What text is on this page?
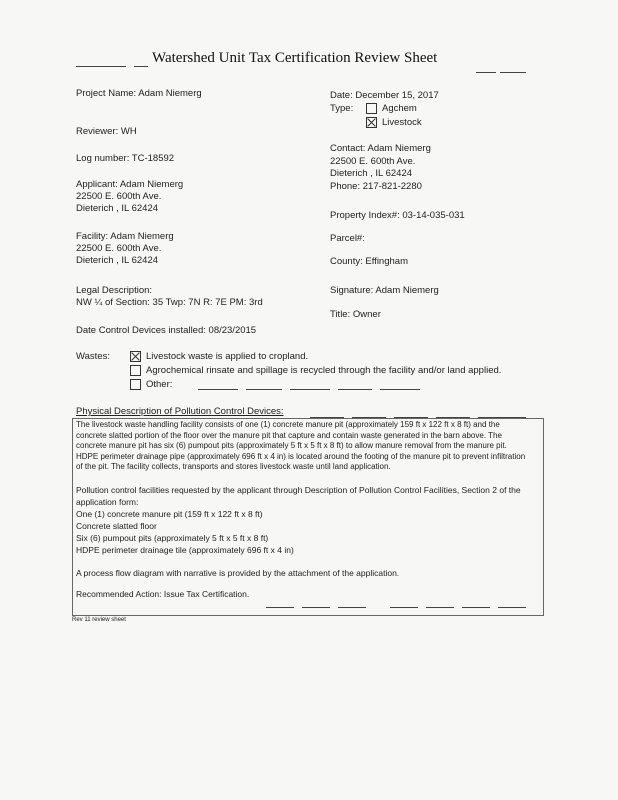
Watershed Unit Tax Certification Review Sheet
Project Name: Adam Niemerg
Reviewer: WH
Log number: TC-18592
Applicant: Adam Niemerg
22500 E. 600th Ave.
Dieterich , IL 62424
Facility: Adam Niemerg
22500 E. 600th Ave.
Dieterich , IL 62424
Legal Description:
NW ¼ of Section: 35 Twp: 7N R: 7E PM: 3rd
Date Control Devices installed: 08/23/2015
Date: December 15, 2017
Type:	Agchem
Livestock
Contact: Adam Niemerg
22500 E. 600th Ave.
Dieterich , IL 62424
Phone: 217-821-2280
Property Index#: 03-14-035-031
Parcel#:
County: Effingham
Signature: Adam Niemerg
Title: Owner
Wastes:	Livestock waste is applied to cropland.
Agrochemical rinsate and spillage is recycled through the facility and/or land applied.
Other:
Physical Description of Pollution Control Devices:
The livestock waste handling facility consists of one (1) concrete manure pit (approximately 159 ft x 122 ft x 8 ft) and the concrete slatted portion of the floor over the manure pit that capture and contain waste generated in the barn above. The concrete manure pit has six (6) pumpout pits (approximately 5 ft x 5 ft x 8 ft) to allow manure removal from the manure pit. HDPE perimeter drainage pipe (approximately 696 ft x 4 in) is located around the footing of the manure pit to prevent infiltration of the pit. The facility collects, transports and stores livestock waste until land application.
Pollution control facilities requested by the applicant through Description of Pollution Control Facilities, Section 2 of the application form:
One (1) concrete manure pit (159 ft x 122 ft x 8 ft)
Concrete slatted floor
Six (6) pumpout pits (approximately 5 ft x 5 ft x 8 ft)
HDPE perimeter drainage tile (approximately 696 ft x 4 in)
A process flow diagram with narrative is provided by the attachment of the application.
Recommended Action: Issue Tax Certification.
Rev 11 review sheet
